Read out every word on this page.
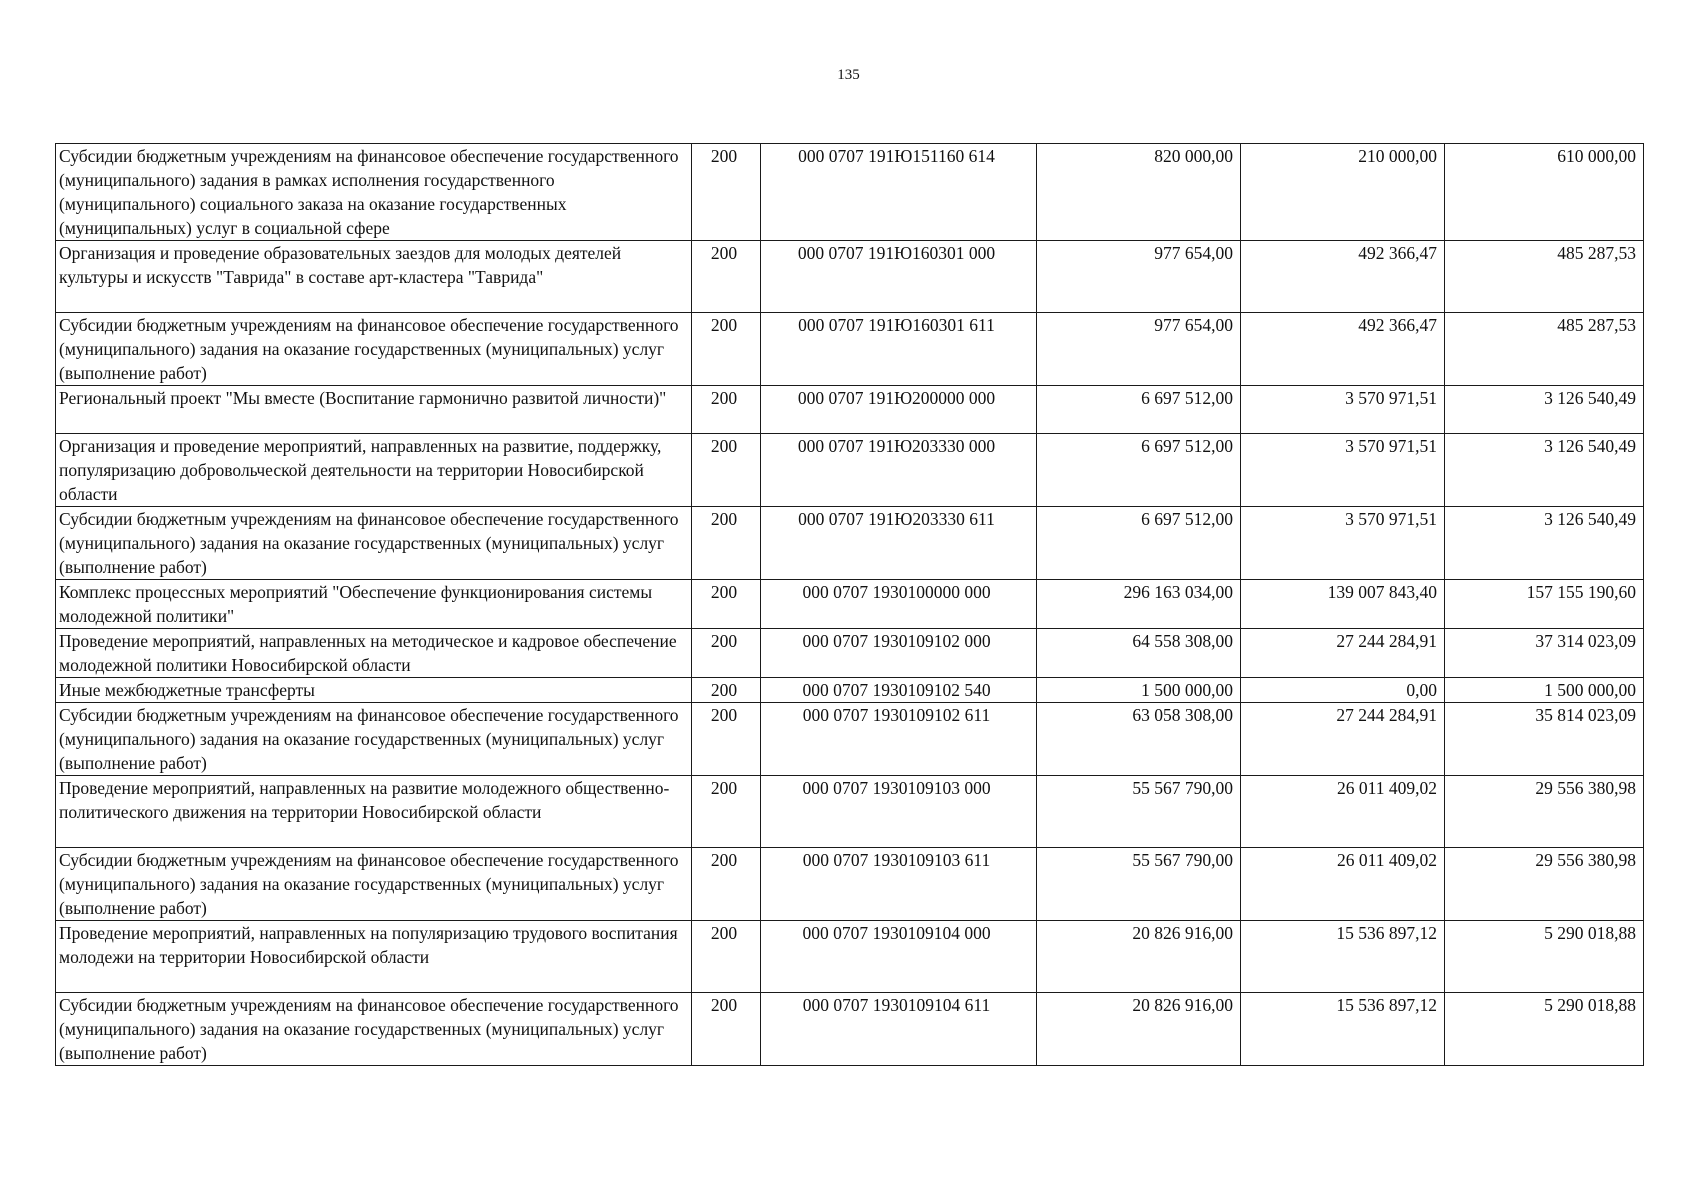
135
Субсидии бюджетным учреждениям на финансовое обеспечение государственного (муниципального) задания в рамках исполнения государственного (муниципального) социального заказа на оказание государственных (муниципальных) услуг в социальной сфере	200	000 0707 191Ю151160 614	820 000,00	210 000,00	610 000,00
Организация и проведение образовательных заездов для молодых деятелей культуры и искусств "Таврида" в составе арт-кластера "Таврида"	200	000 0707 191Ю160301 000	977 654,00	492 366,47	485 287,53
Субсидии бюджетным учреждениям на финансовое обеспечение государственного (муниципального) задания на оказание государственных (муниципальных) услуг (выполнение работ)	200	000 0707 191Ю160301 611	977 654,00	492 366,47	485 287,53
Региональный проект "Мы вместе (Воспитание гармонично развитой личности)"	200	000 0707 191Ю200000 000	6 697 512,00	3 570 971,51	3 126 540,49
Организация и проведение мероприятий, направленных на развитие, поддержку, популяризацию добровольческой деятельности на территории Новосибирской области	200	000 0707 191Ю203330 000	6 697 512,00	3 570 971,51	3 126 540,49
Субсидии бюджетным учреждениям на финансовое обеспечение государственного (муниципального) задания на оказание государственных (муниципальных) услуг (выполнение работ)	200	000 0707 191Ю203330 611	6 697 512,00	3 570 971,51	3 126 540,49
Комплекс процессных мероприятий "Обеспечение функционирования системы молодежной политики"	200	000 0707 1930100000 000	296 163 034,00	139 007 843,40	157 155 190,60
Проведение мероприятий, направленных на методическое и кадровое обеспечение молодежной политики Новосибирской области	200	000 0707 1930109102 000	64 558 308,00	27 244 284,91	37 314 023,09
Иные межбюджетные трансферты	200	000 0707 1930109102 540	1 500 000,00	0,00	1 500 000,00
Субсидии бюджетным учреждениям на финансовое обеспечение государственного (муниципального) задания на оказание государственных (муниципальных) услуг (выполнение работ)	200	000 0707 1930109102 611	63 058 308,00	27 244 284,91	35 814 023,09
Проведение мероприятий, направленных на развитие молодежного общественно-политического движения на территории Новосибирской области	200	000 0707 1930109103 000	55 567 790,00	26 011 409,02	29 556 380,98
Субсидии бюджетным учреждениям на финансовое обеспечение государственного (муниципального) задания на оказание государственных (муниципальных) услуг (выполнение работ)	200	000 0707 1930109103 611	55 567 790,00	26 011 409,02	29 556 380,98
Проведение мероприятий, направленных на популяризацию трудового воспитания молодежи на территории Новосибирской области	200	000 0707 1930109104 000	20 826 916,00	15 536 897,12	5 290 018,88
Субсидии бюджетным учреждениям на финансовое обеспечение государственного (муниципального) задания на оказание государственных (муниципальных) услуг (выполнение работ)	200	000 0707 1930109104 611	20 826 916,00	15 536 897,12	5 290 018,88
